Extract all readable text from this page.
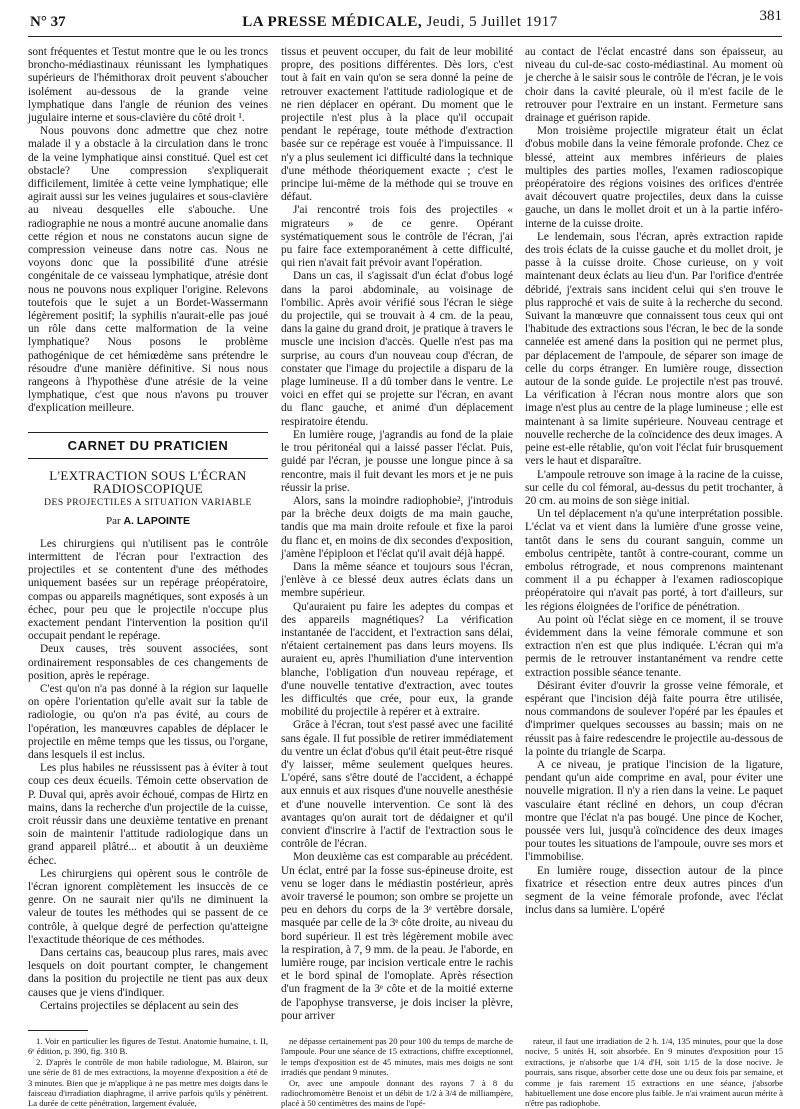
N° 37	LA PRESSE MÉDICALE, Jeudi, 5 Juillet 1917	381

sont fréquentes et Testut montre que le ou les troncs broncho-médiastinaux réunissant les lymphatiques supérieurs de l'hémithorax droit peuvent s'aboucher isolément au-dessous de la grande veine lymphatique dans l'angle de réunion des veines jugulaire interne et sous-clavière du côté droit ¹.

Nous pouvons donc admettre que chez notre malade il y a obstacle à la circulation dans le tronc de la veine lymphatique ainsi constitué. Quel est cet obstacle? Une compression s'expliquerait difficilement, limitée à cette veine lymphatique; elle agirait aussi sur les veines jugulaires et sous-clavière au niveau desquelles elle s'abouche. Une radiographie ne nous a montré aucune anomalie dans cette région et nous ne constatons aucun signe de compression veineuse dans notre cas. Nous ne voyons donc que la possibilité d'une atrésie congénitale de ce vaisseau lymphatique, atrésie dont nous ne pouvons nous expliquer l'origine. Relevons toutefois que le sujet a un Bordet-Wassermann légèrement positif; la syphilis n'aurait-elle pas joué un rôle dans cette malformation de la veine lymphatique? Nous posons le problème pathogénique de cet hémiœdème sans prétendre le résoudre d'une manière définitive. Si nous nous rangeons à l'hypothèse d'une atrésie de la veine lymphatique, c'est que nous n'avons pu trouver d'explication meilleure.

CARNET DU PRATICIEN
L'EXTRACTION SOUS L'ÉCRAN RADIOSCOPIQUE
DES PROJECTILES A SITUATION VARIABLE
Par A. LAPOINTE

Les chirurgiens qui n'utilisent pas le contrôle intermittent de l'écran pour l'extraction des projectiles et se contentent d'une des méthodes uniquement basées sur un repérage préopératoire, compas ou appareils magnétiques, sont exposés à un échec, pour peu que le projectile n'occupe plus exactement pendant l'intervention la position qu'il occupait pendant le repérage.

Deux causes, très souvent associées, sont ordinairement responsables de ces changements de position, après le repérage.

C'est qu'on n'a pas donné à la région sur laquelle on opère l'orientation qu'elle avait sur la table de radiologie, ou qu'on n'a pas évité, au cours de l'opération, les manœuvres capables de déplacer le projectile en même temps que les tissus, ou l'organe, dans lesquels il est inclus.

Les plus habiles ne réussissent pas à éviter à tout coup ces deux écueils. Témoin cette observation de P. Duval qui, après avoir échoué, compas de Hirtz en mains, dans la recherche d'un projectile de la cuisse, croit réussir dans une deuxième tentative en prenant soin de maintenir l'attitude radiologique dans un grand appareil plâtré... et aboutit à un deuxième échec.

Les chirurgiens qui opèrent sous le contrôle de l'écran ignorent complètement les insuccès de ce genre. On ne saurait nier qu'ils ne diminuent la valeur de toutes les méthodes qui se passent de ce contrôle, à quelque degré de perfection qu'atteigne l'exactitude théorique de ces méthodes.

Dans certains cas, beaucoup plus rares, mais avec lesquels on doit pourtant compter, le changement dans la position du projectile ne tient pas aux deux causes que je viens d'indiquer.

Certains projectiles se déplacent au sein des

tissus et peuvent occuper, du fait de leur mobilité propre, des positions différentes. Dès lors, c'est tout à fait en vain qu'on se sera donné la peine de retrouver exactement l'attitude radiologique et de ne rien déplacer en opérant. Du moment que le projectile n'est plus à la place qu'il occupait pendant le repérage, toute méthode d'extraction basée sur ce repérage est vouée à l'impuissance. Il n'y a plus seulement ici difficulté dans la technique d'une méthode théoriquement exacte ; c'est le principe lui-même de la méthode qui se trouve en défaut.

J'ai rencontré trois fois des projectiles « migrateurs » de ce genre. Opérant systématiquement sous le contrôle de l'écran, j'ai pu faire face extemporanément à cette difficulté, qui rien n'avait fait prévoir avant l'opération.

Dans un cas, il s'agissait d'un éclat d'obus logé dans la paroi abdominale, au voisinage de l'ombilic. Après avoir vérifié sous l'écran le siège du projectile, qui se trouvait à 4 cm. de la peau, dans la gaine du grand droit, je pratique à travers le muscle une incision d'accès. Quelle n'est pas ma surprise, au cours d'un nouveau coup d'écran, de constater que l'image du projectile a disparu de la plage lumineuse. Il a dû tomber dans le ventre. Le voici en effet qui se projette sur l'écran, en avant du flanc gauche, et animé d'un déplacement respiratoire étendu.

En lumière rouge, j'agrandis au fond de la plaie le trou péritonéal qui a laissé passer l'éclat. Puis, guidé par l'écran, je pousse une longue pince à sa rencontre, mais il fuit devant les mors et je ne puis réussir la prise.

Alors, sans la moindre radiophobie², j'introduis par la brèche deux doigts de ma main gauche, tandis que ma main droite refoule et fixe la paroi du flanc et, en moins de dix secondes d'exposition, j'amène l'épiploon et l'éclat qu'il avait déjà happé.

Dans la même séance et toujours sous l'écran, j'enlève à ce blessé deux autres éclats dans un membre supérieur.

Qu'auraient pu faire les adeptes du compas et des appareils magnétiques? La vérification instantanée de l'accident, et l'extraction sans délai, n'étaient certainement pas dans leurs moyens. Ils auraient eu, après l'humiliation d'une intervention blanche, l'obligation d'un nouveau repérage, et d'une nouvelle tentative d'extraction, avec toutes les difficultés que crée, pour eux, la grande mobilité du projectile à repérer et à extraire.

Grâce à l'écran, tout s'est passé avec une facilité sans égale. Il fut possible de retirer immédiatement du ventre un éclat d'obus qu'il était peut-être risqué d'y laisser, même seulement quelques heures. L'opéré, sans s'être douté de l'accident, a échappé aux ennuis et aux risques d'une nouvelle anesthésie et d'une nouvelle intervention. Ce sont là des avantages qu'on aurait tort de dédaigner et qu'il convient d'inscrire à l'actif de l'extraction sous le contrôle de l'écran.

Mon deuxième cas est comparable au précédent. Un éclat, entré par la fosse sus-épineuse droite, est venu se loger dans le médiastin postérieur, après avoir traversé le poumon; son ombre se projette un peu en dehors du corps de la 3ᵉ vertèbre dorsale, masquée par celle de la 3ᵉ côte droite, au niveau du bord supérieur. Il est très légèrement mobile avec la respiration, à 7, 9 mm. de la peau. Je l'aborde, en lumière rouge, par incision verticale entre le rachis et le bord spinal de l'omoplate. Après résection d'un fragment de la 3ᵉ côte et de la moitié externe de l'apophyse transverse, je dois inciser la plèvre, pour arriver

au contact de l'éclat encastré dans son épaisseur, au niveau du cul-de-sac costo-médiastinal. Au moment où je cherche à le saisir sous le contrôle de l'écran, je le vois choir dans la cavité pleurale, où il m'est facile de le retrouver pour l'extraire en un instant. Fermeture sans drainage et guérison rapide.

Mon troisième projectile migrateur était un éclat d'obus mobile dans la veine fémorale profonde. Chez ce blessé, atteint aux membres inférieurs de plaies multiples des parties molles, l'examen radioscopique préopératoire des régions voisines des orifices d'entrée avait découvert quatre projectiles, deux dans la cuisse gauche, un dans le mollet droit et un à la partie inféro-interne de la cuisse droite.

Le lendemain, sous l'écran, après extraction rapide des trois éclats de la cuisse gauche et du mollet droit, je passe à la cuisse droite. Chose curieuse, on y voit maintenant deux éclats au lieu d'un. Par l'orifice d'entrée débridé, j'extrais sans incident celui qui s'en trouve le plus rapproché et vais de suite à la recherche du second. Suivant la manœuvre que connaissent tous ceux qui ont l'habitude des extractions sous l'écran, le bec de la sonde cannelée est amené dans la position qui ne permet plus, par déplacement de l'ampoule, de séparer son image de celle du corps étranger. En lumière rouge, dissection autour de la sonde guide. Le projectile n'est pas trouvé. La vérification à l'écran nous montre alors que son image n'est plus au centre de la plage lumineuse ; elle est maintenant à sa limite supérieure. Nouveau centrage et nouvelle recherche de la coïncidence des deux images. A peine est-elle rétablie, qu'on voit l'éclat fuir brusquement vers le haut et disparaître.

L'ampoule retrouve son image à la racine de la cuisse, sur celle du col fémoral, au-dessus du petit trochanter, à 20 cm. au moins de son siège initial.

Un tel déplacement n'a qu'une interprétation possible. L'éclat va et vient dans la lumière d'une grosse veine, tantôt dans le sens du courant sanguin, comme un embolus centripète, tantôt à contre-courant, comme un embolus rétrograde, et nous comprenons maintenant comment il a pu échapper à l'examen radioscopique préopératoire qui n'avait pas porté, à tort d'ailleurs, sur les régions éloignées de l'orifice de pénétration.

Au point où l'éclat siège en ce moment, il se trouve évidemment dans la veine fémorale commune et son extraction n'en est que plus indiquée. L'écran qui m'a permis de le retrouver instantanément va rendre cette extraction possible séance tenante.

Désirant éviter d'ouvrir la grosse veine fémorale, et espérant que l'incision déjà faite pourra être utilisée, nous commandons de soulever l'opéré par les épaules et d'imprimer quelques secousses au bassin; mais on ne réussit pas à faire redescendre le projectile au-dessous de la pointe du triangle de Scarpa.

A ce niveau, je pratique l'incision de la ligature, pendant qu'un aide comprime en aval, pour éviter une nouvelle migration. Il n'y a rien dans la veine. Le paquet vasculaire étant récliné en dehors, un coup d'écran montre que l'éclat n'a pas bougé. Une pince de Kocher, poussée vers lui, jusqu'à coïncidence des deux images pour toutes les situations de l'ampoule, ouvre ses mors et l'immobilise.

En lumière rouge, dissection autour de la pince fixatrice et résection entre deux autres pinces d'un segment de la veine fémorale profonde, avec l'éclat inclus dans sa lumière. L'opéré

1. Voir en particulier les figures de Testut. Anatomie humaine, t. II, 6ᵉ édition, p. 390, fig. 310 B.

2. D'après le contrôle de mon habile radiologue, M. Blairon, sur une série de 81 de mes extractions, la moyenne d'exposition a été de 3 minutes. Bien que je m'applique à ne pas mettre mes doigts dans le faisceau d'irradiation diaphragme, il arrive parfois qu'ils y pénètrent. La durée de cette pénétration, largement évaluée,

ne dépasse certainement pas 20 pour 100 du temps de marche de l'ampoule. Pour une séance de 15 extractions, chiffre exceptionnel, le temps d'exposition est de 45 minutes, mais mes doigts ne sont irradiés que pendant 9 minutes.

Or, avec une ampoule donnant des rayons 7 à 8 du radiochromomètre Benoist et un débit de 1/2 à 3/4 de milliampère, placé à 50 centimètres des mains de l'opé-

rateur, il faut une irradiation de 2 h. 1/4, 135 minutes, pour que la dose nocive, 5 unités H, soit absorbée. En 9 minutes d'exposition pour 15 extractions, je n'absorbe que 1/4 d'H, soit 1/15 de la dose nocive. Je pourrais, sans risque, absorber cette dose une ou deux fois par semaine, et comme je fais rarement 15 extractions en une séance, j'absorbe habituellement une dose encore plus faible. Je n'ai vraiment aucun mérite à n'être pas radiophobe.
